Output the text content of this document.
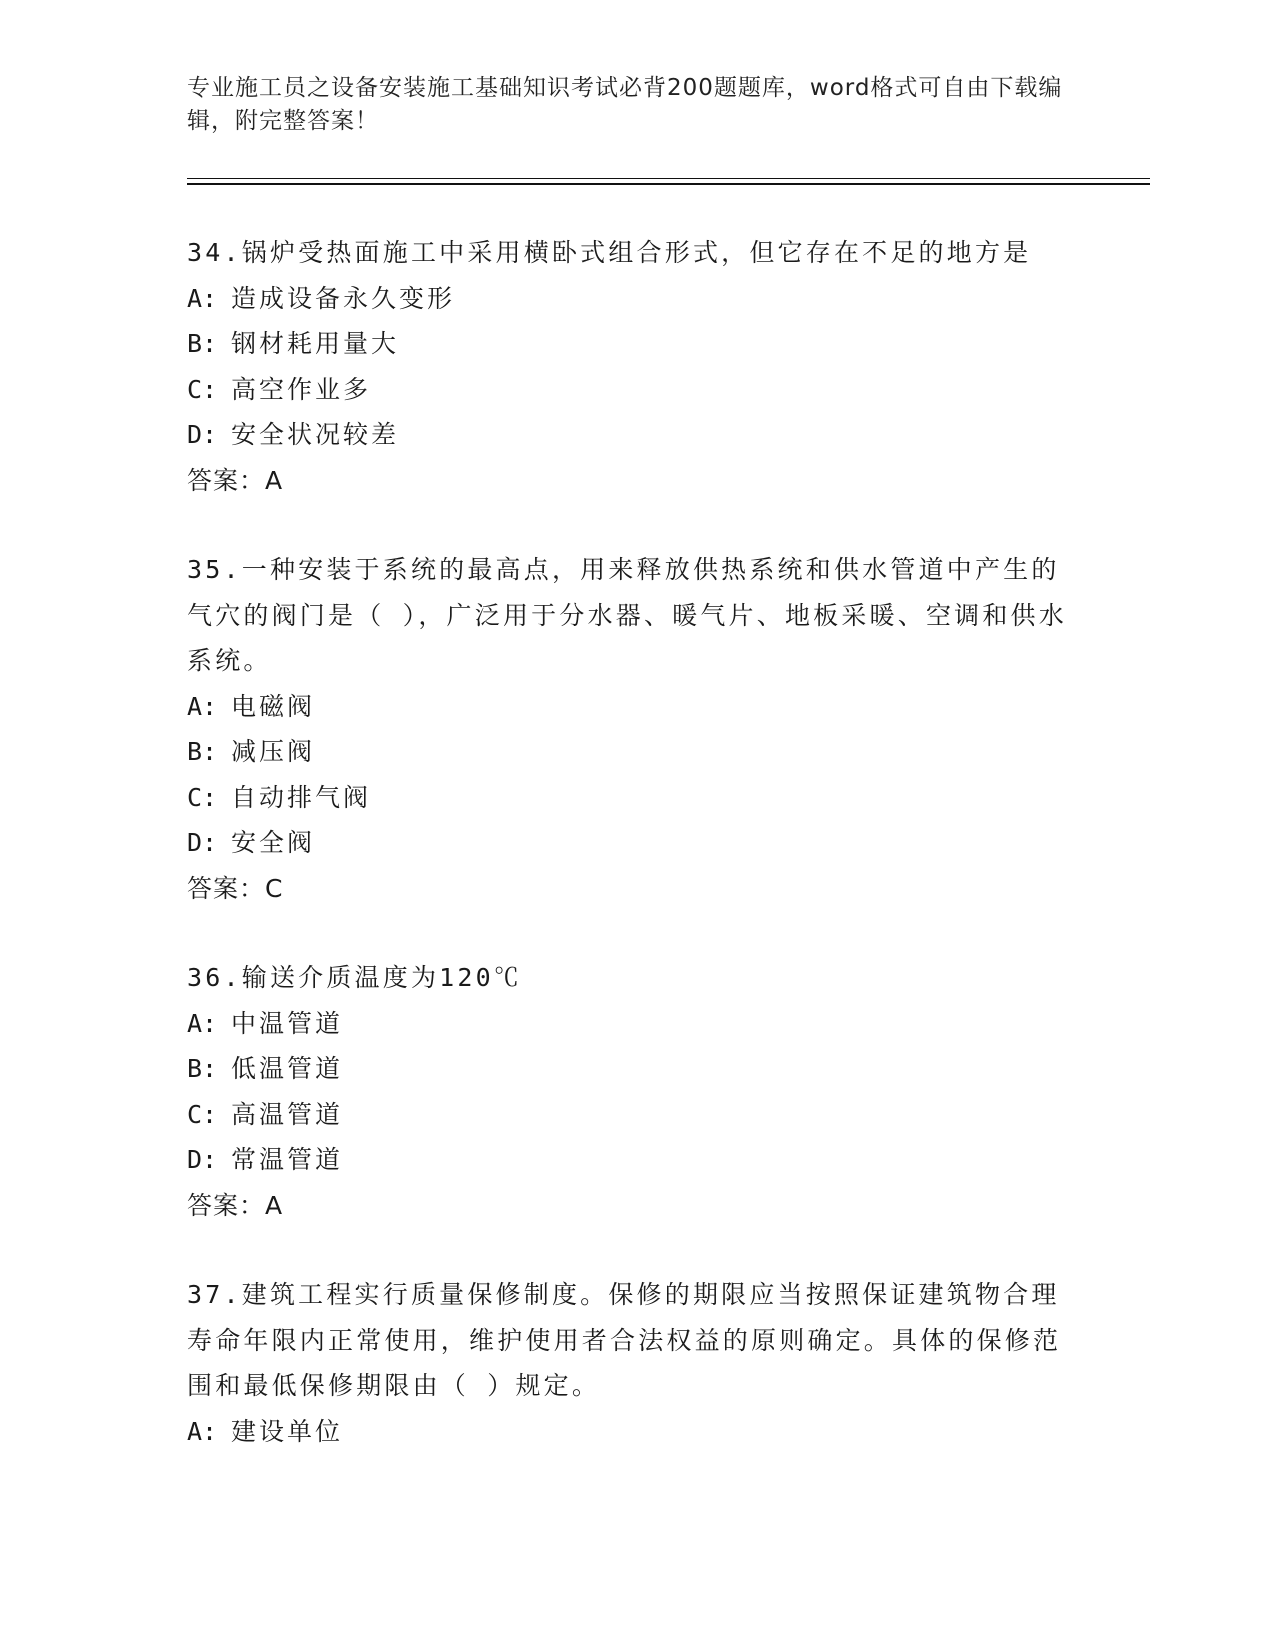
专业施工员之设备安装施工基础知识考试必背200题题库，word格式可自由下载编辑，附完整答案！

34.锅炉受热面施工中采用横卧式组合形式，但它存在不足的地方是

A: 造成设备永久变形
B: 钢材耗用量大
C: 高空作业多
D: 安全状况较差

答案：A

35.一种安装于系统的最高点，用来释放供热系统和供水管道中产生的气穴的阀门是（ ），广泛用于分水器、暖气片、地板采暖、空调和供水系统。

A: 电磁阀
B: 减压阀
C: 自动排气阀
D: 安全阀

答案：C

36.输送介质温度为120℃

A: 中温管道
B: 低温管道
C: 高温管道
D: 常温管道

答案：A

37.建筑工程实行质量保修制度。保修的期限应当按照保证建筑物合理寿命年限内正常使用，维护使用者合法权益的原则确定。具体的保修范围和最低保修期限由（ ）规定。

A: 建设单位
